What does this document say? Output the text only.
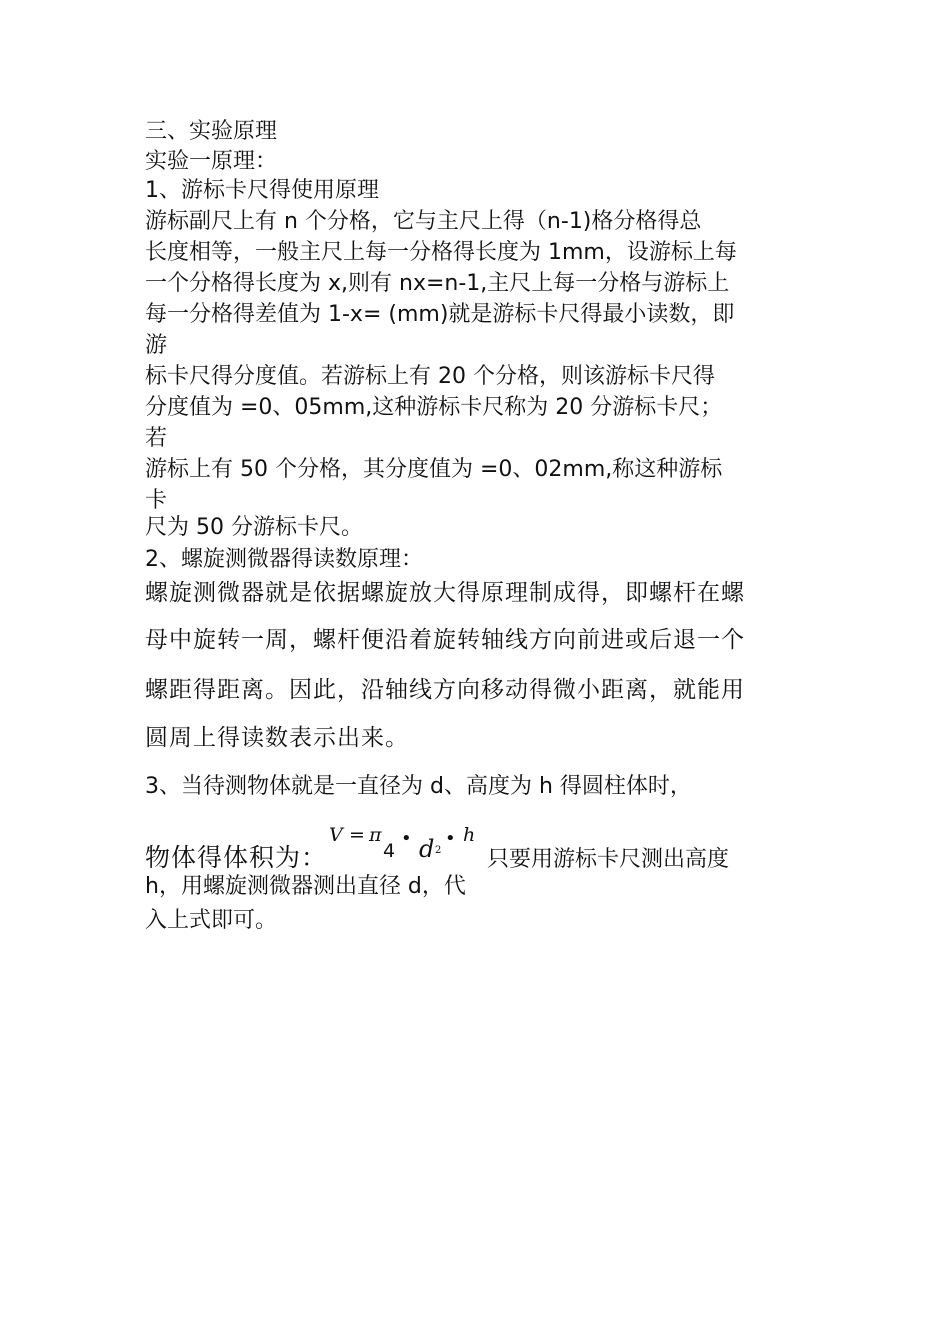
三、实验原理
实验一原理：
1、游标卡尺得使用原理
游标副尺上有 n 个分格，它与主尺上得（n-1)格分格得总
长度相等，一般主尺上每一分格得长度为 1mm，设游标上每
一个分格得长度为 x,则有 nx=n-1,主尺上每一分格与游标上
每一分格得差值为 1-x= (mm)就是游标卡尺得最小读数，即
游
标卡尺得分度值。若游标上有 20 个分格，则该游标卡尺得
分度值为 =0、05mm,这种游标卡尺称为 20 分游标卡尺；
若
游标上有 50 个分格，其分度值为 =0、02mm,称这种游标
卡
尺为 50 分游标卡尺。
2、螺旋测微器得读数原理：
螺旋测微器就是依据螺旋放大得原理制成得，即螺杆在螺
母中旋转一周，螺杆便沿着旋转轴线方向前进或后退一个
螺距得距离。因此，沿轴线方向移动得微小距离，就能用
圆周上得读数表示出来。
3、当待测物体就是一直径为 d、高度为 h 得圆柱体时，
物体得体积为：
V = π
4
• d 2
• h
只要用游标卡尺测出高度
h，用螺旋测微器测出直径 d，代
入上式即可。
